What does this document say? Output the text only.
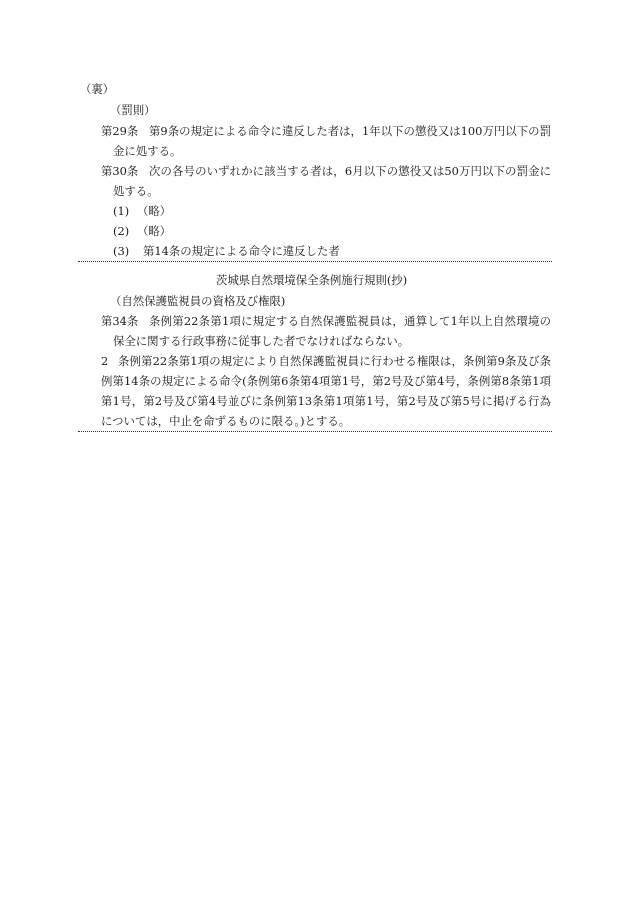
（裏）
（罰則）
第29条 第9条の規定による命令に違反した者は，1年以下の懲役又は100万円以下の罰
金に処する。
第30条 次の各号のいずれかに該当する者は，6月以下の懲役又は50万円以下の罰金に
処する。
(1) （略）
(2) （略）
(3) 第14条の規定による命令に違反した者
茨城県自然環境保全条例施行規則(抄)
（自然保護監視員の資格及び権限)
第34条 条例第22条第1項に規定する自然保護監視員は，通算して1年以上自然環境の
保全に関する行政事務に従事した者でなければならない。
2 条例第22条第1項の規定により自然保護監視員に行わせる権限は，条例第9条及び条
例第14条の規定による命令(条例第6条第4項第1号，第2号及び第4号，条例第8条第1項
第1号，第2号及び第4号並びに条例第13条第1項第1号，第2号及び第5号に掲げる行為
については，中止を命ずるものに限る。)とする。
